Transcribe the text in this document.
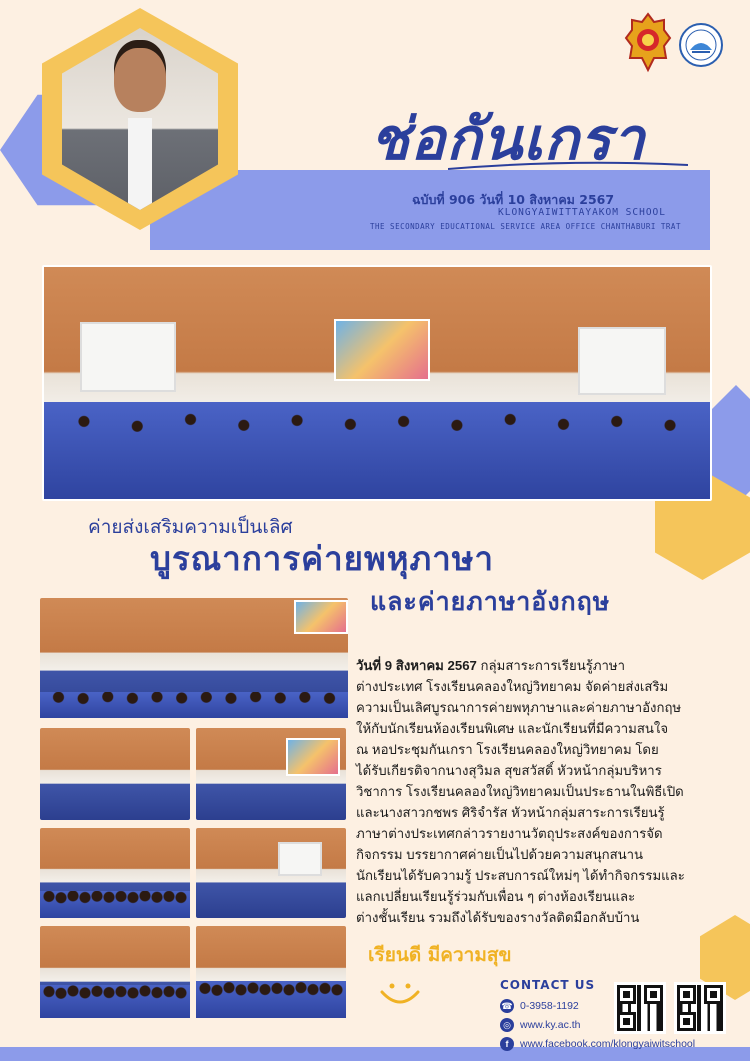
ช่อกันเกรา
ฉบับที่ 906 วันที่ 10 สิงหาคม 2567
KLONGYAIWITTAYAKOM SCHOOL
THE SECONDARY EDUCATIONAL SERVICE AREA OFFICE CHANTHABURI TRAT
ค่ายส่งเสริมความเป็นเลิศ
บูรณาการค่ายพหุภาษา
และค่ายภาษาอังกฤษ
วันที่ 9 สิงหาคม 2567 กลุ่มสาระการเรียนรู้ภาษา
ต่างประเทศ โรงเรียนคลองใหญ่วิทยาคม จัดค่ายส่งเสริม
ความเป็นเลิศบูรณาการค่ายพหุภาษาและค่ายภาษาอังกฤษ
ให้กับนักเรียนห้องเรียนพิเศษ และนักเรียนที่มีความสนใจ
ณ หอประชุมกันเกรา โรงเรียนคลองใหญ่วิทยาคม โดย
ได้รับเกียรติจากนางสุวิมล สุขสวัสดิ์ หัวหน้ากลุ่มบริหาร
วิชาการ โรงเรียนคลองใหญ่วิทยาคมเป็นประธานในพิธีเปิด
และนางสาวกชพร ศิริจำรัส หัวหน้ากลุ่มสาระการเรียนรู้
ภาษาต่างประเทศกล่าวรายงานวัตถุประสงค์ของการจัด
กิจกรรม บรรยากาศค่ายเป็นไปด้วยความสนุกสนาน
นักเรียนได้รับความรู้ ประสบการณ์ใหม่ๆ ได้ทำกิจกรรมและ
แลกเปลี่ยนเรียนรู้ร่วมกับเพื่อน ๆ ต่างห้องเรียนและ
ต่างชั้นเรียน รวมถึงได้รับของรางวัลติดมือกลับบ้าน
เรียนดี มีความสุข
CONTACT US
☎ 0-3958-1192
◎ www.ky.ac.th
f	www.facebook.com/klongyaiwitschool
